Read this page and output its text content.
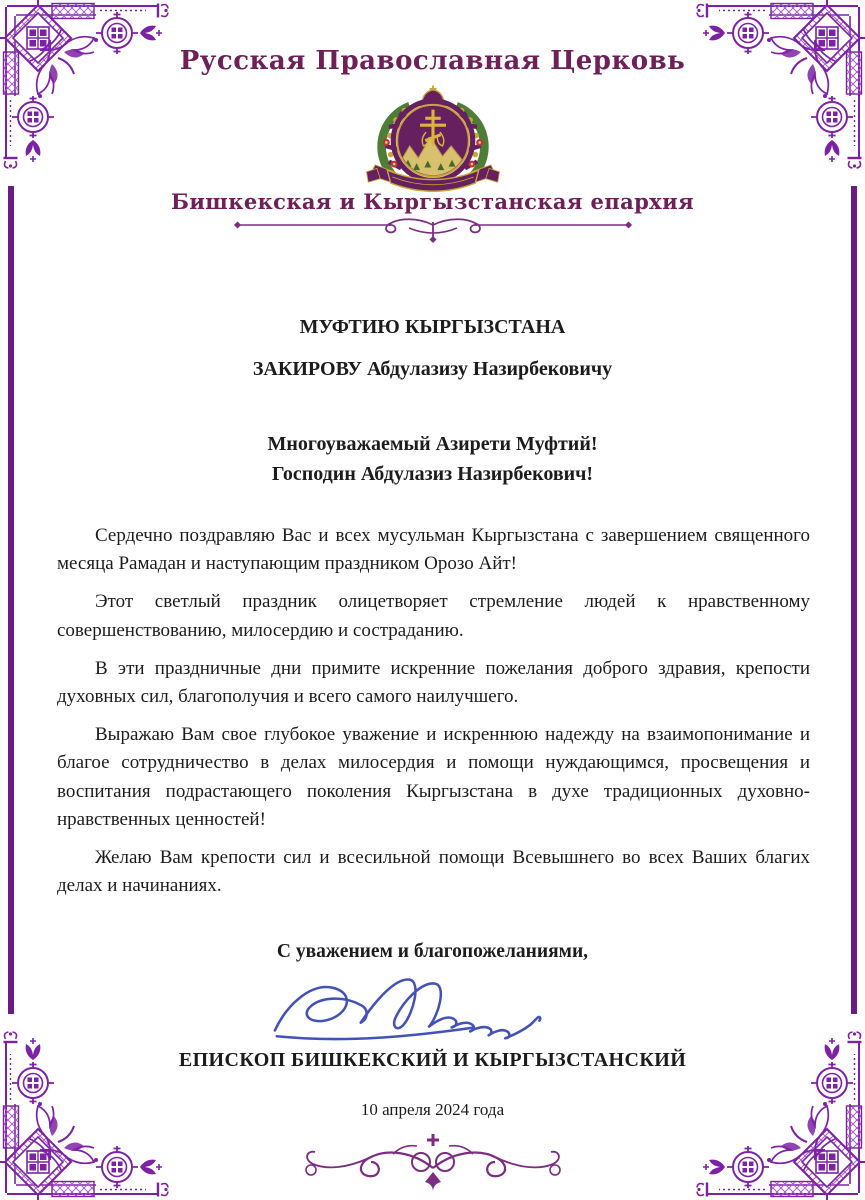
Русская Православная Церковь
Бишкекская и Кыргызстанская епархия
МУФТИЮ КЫРГЫЗСТАНА
ЗАКИРОВУ Абдулазизу Назирбековичу
Многоуважаемый Азирети Муфтий!
Господин Абдулазиз Назирбекович!

Сердечно поздравляю Вас и всех мусульман Кыргызстана с завершением священного месяца Рамадан и наступающим праздником Орозо Айт!

Этот светлый праздник олицетворяет стремление людей к нравственному совершенствованию, милосердию и состраданию.

В эти праздничные дни примите искренние пожелания доброго здравия, крепости духовных сил, благополучия и всего самого наилучшего.

Выражаю Вам свое глубокое уважение и искреннюю надежду на взаимопонимание и благое сотрудничество в делах милосердия и помощи нуждающимся, просвещения и воспитания подрастающего поколения Кыргызстана в духе традиционных духовно-нравственных ценностей!

Желаю Вам крепости сил и всесильной помощи Всевышнего во всех Ваших благих делах и начинаниях.

С уважением и благопожеланиями,
ЕПИСКОП БИШКЕКСКИЙ И КЫРГЫЗСТАНСКИЙ
10 апреля 2024 года
